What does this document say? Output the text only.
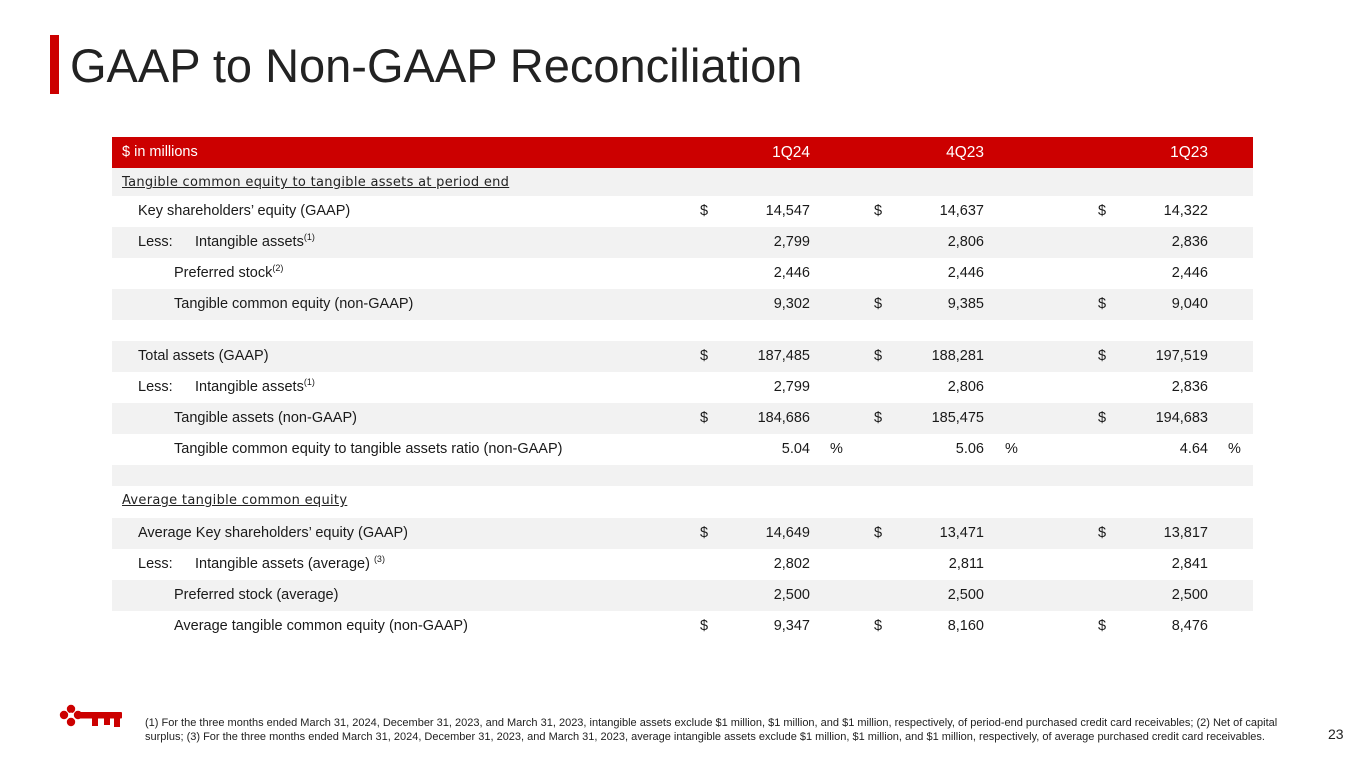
GAAP to Non-GAAP Reconciliation
$ in millions	1Q24	4Q23	1Q23
Tangible common equity to tangible assets at period end
Key shareholders’ equity (GAAP)	$	14,547	$	14,637	$	14,322
Less: Intangible assets$^{(1)}$	2,799	2,806	2,836
Preferred stock$^{(2)}$	2,446	2,446	2,446
Tangible common equity (non-GAAP)	9,302	$	9,385	$	9,040
Total assets (GAAP)	$	187,485	$	188,281	$	197,519
Less: Intangible assets$^{(1)}$	2,799	2,806	2,836
Tangible assets (non-GAAP)	$	184,686	$	185,475	$	194,683
Tangible common equity to tangible assets ratio (non-GAAP)	5.04 %	5.06 %	4.64 %
Average tangible common equity
Average Key shareholders’ equity (GAAP)	$	14,649	$	13,471	$	13,817
Less: Intangible assets (average) $^{(3)}$	2,802	2,811	2,841
Preferred stock (average)	2,500	2,500	2,500
Average tangible common equity (non-GAAP)	$	9,347	$	8,160	$	8,476

(1) For the three months ended March 31, 2024, December 31, 2023, and March 31, 2023, intangible assets exclude $1 million, $1 million, and $1 million, respectively, of period-end purchased credit card receivables; (2) Net of capital surplus; (3) For the three months ended March 31, 2024, December 31, 2023, and March 31, 2023, average intangible assets exclude $1 million, $1 million, and $1 million, respectively, of average purchased credit card receivables.	23
